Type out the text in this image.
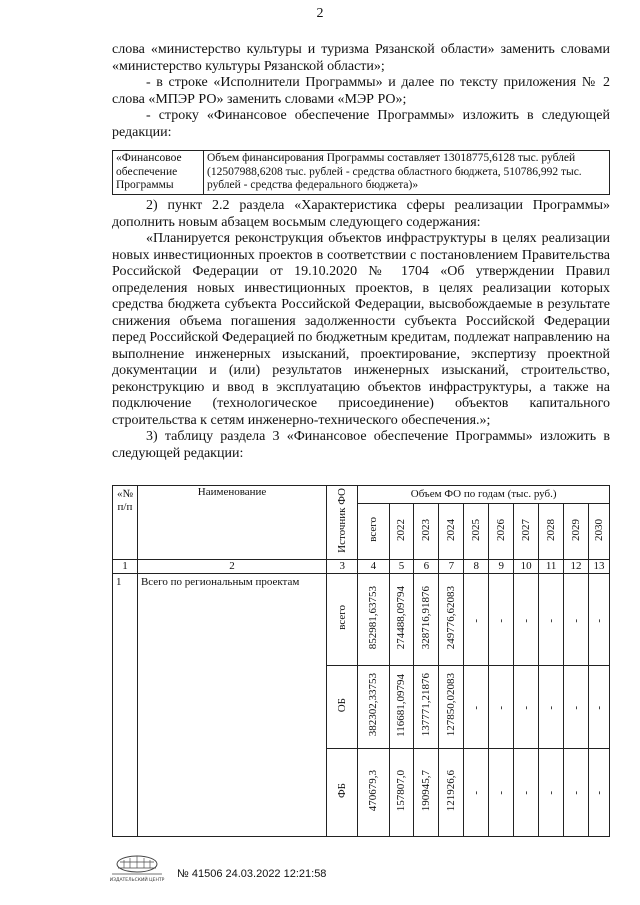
2

слова «министерство культуры и туризма Рязанской области» заменить словами «министерство культуры Рязанской области»;

- в строке «Исполнители Программы» и далее по тексту приложения № 2 слова «МПЭР РО» заменить словами «МЭР РО»;

- строку «Финансовое обеспечение Программы» изложить в следующей редакции:

«Финансовое обеспечение Программы	Объем финансирования Программы составляет 13018775,6128 тыс. рублей (12507988,6208 тыс. рублей - средства областного бюджета, 510786,992 тыс. рублей - средства федерального бюджета)»

2) пункт 2.2 раздела «Характеристика сферы реализации Программы» дополнить новым абзацем восьмым следующего содержания:

«Планируется реконструкция объектов инфраструктуры в целях реализации новых инвестиционных проектов в соответствии с постановлением Правительства Российской Федерации от 19.10.2020 № 1704 «Об утверждении Правил определения новых инвестиционных проектов, в целях реализации которых средства бюджета субъекта Российской Федерации, высвобождаемые в результате снижения объема погашения задолженности субъекта Российской Федерации перед Российской Федерацией по бюджетным кредитам, подлежат направлению на выполнение инженерных изысканий, проектирование, экспертизу проектной документации и (или) результатов инженерных изысканий, строительство, реконструкцию и ввод в эксплуатацию объектов инфраструктуры, а также на подключение (технологическое присоединение) объектов капитального строительства к сетям инженерно-технического обеспечения.»;

3) таблицу раздела 3 «Финансовое обеспечение Программы» изложить в следующей редакции:

«№ п/п	Наименование	Источник ФО	Объем ФО по годам (тыс. руб.)									
			всего	2022	2023	2024	2025	2026	2027	2028	2029	2030
1	2	3	4	5	6	7	8	9	10	11	12	13
1	Всего по региональным проектам	всего	852981,63753	274488,09794	328716,91876	249776,62083	-	-	-	-	-	-
		ОБ	382302,33753	116681,09794	137771,21876	127850,02083	-	-	-	-	-	-
		ФБ	470679,3	157807,0	190945,7	121926,6	-	-	-	-	-	-
ИЗДАТЕЛЬСКИЙ ЦЕНТР
№ 41506 24.03.2022 12:21:58
